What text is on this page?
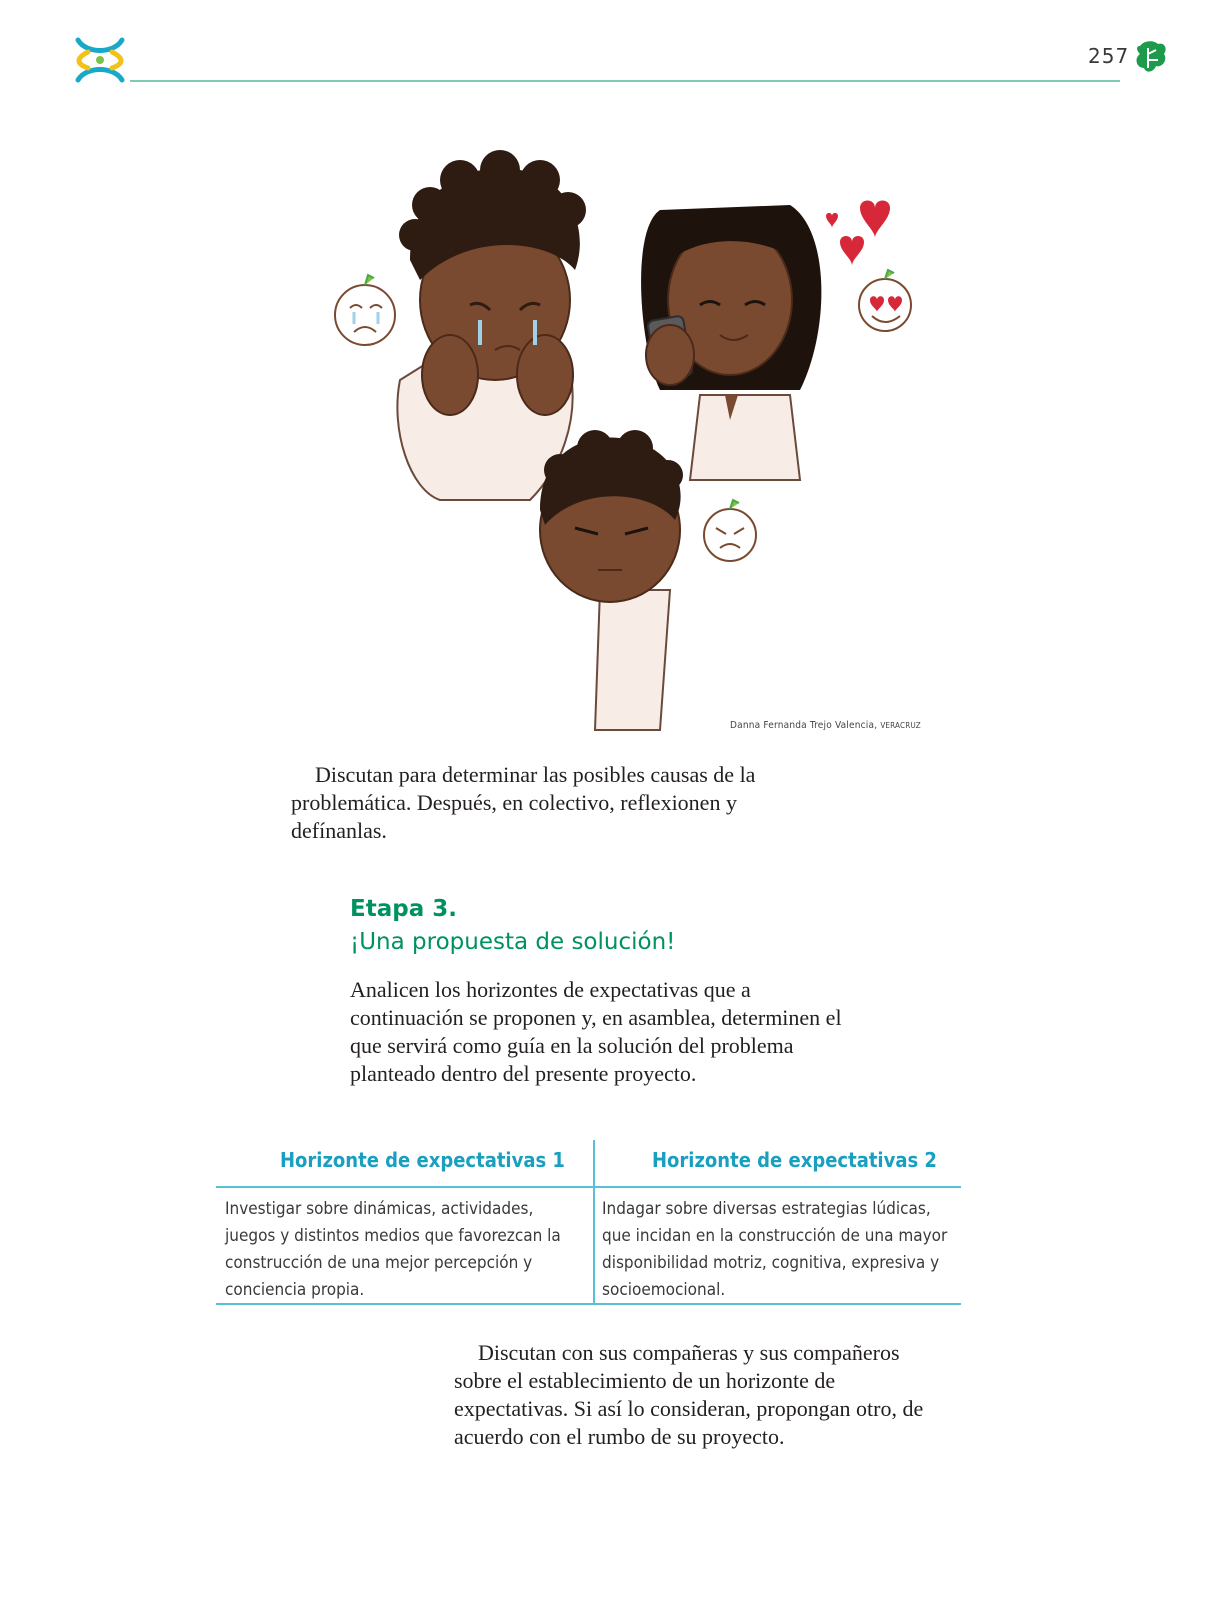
257
Danna Fernanda Trejo Valencia, VERACRUZ
Discutan para determinar las posibles causas de la problemática. Después, en colectivo, reflexionen y defínanlas.
Etapa 3.
¡Una propuesta de solución!
Analicen los horizontes de expectativas que a continuación se proponen y, en asamblea, determinen el que servirá como guía en la solución del problema planteado dentro del presente proyecto.
Horizonte de expectativas 1	Horizonte de expectativas 2
Investigar sobre dinámicas, actividades, juegos y distintos medios que favorezcan la construcción de una mejor percepción y conciencia propia.
Indagar sobre diversas estrategias lúdicas, que incidan en la construcción de una mayor disponibilidad motriz, cognitiva, expresiva y socioemocional.
Discutan con sus compañeras y sus compañeros sobre el establecimiento de un horizonte de expectativas. Si así lo consideran, propongan otro, de acuerdo con el rumbo de su proyecto.
